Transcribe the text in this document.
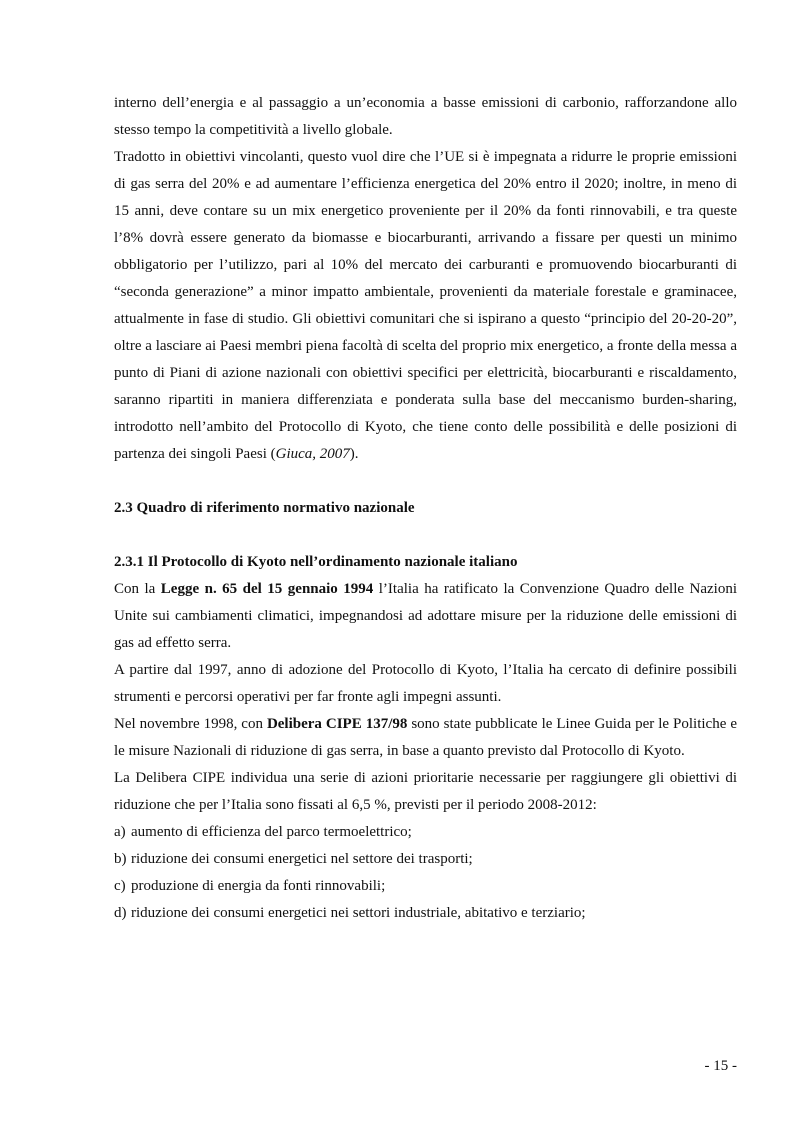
interno dell’energia e al passaggio a un’economia a basse emissioni di carbonio, rafforzandone allo stesso tempo la competitività a livello globale.

Tradotto in obiettivi vincolanti, questo vuol dire che l’UE si è impegnata a ridurre le proprie emissioni di gas serra del 20% e ad aumentare l’efficienza energetica del 20% entro il 2020; inoltre, in meno di 15 anni, deve contare su un mix energetico proveniente per il 20% da fonti rinnovabili, e tra queste l’8% dovrà essere generato da biomasse e biocarburanti, arrivando a fissare per questi un minimo obbligatorio per l’utilizzo, pari al 10% del mercato dei carburanti e promuovendo biocarburanti di “seconda generazione” a minor impatto ambientale, provenienti da materiale forestale e graminacee, attualmente in fase di studio. Gli obiettivi comunitari che si ispirano a questo “principio del 20-20-20”, oltre a lasciare ai Paesi membri piena facoltà di scelta del proprio mix energetico, a fronte della messa a punto di Piani di azione nazionali con obiettivi specifici per elettricità, biocarburanti e riscaldamento, saranno ripartiti in maniera differenziata e ponderata sulla base del meccanismo burden-sharing, introdotto nell’ambito del Protocollo di Kyoto, che tiene conto delle possibilità e delle posizioni di partenza dei singoli Paesi (Giuca, 2007).

2.3 Quadro di riferimento normativo nazionale

2.3.1 Il Protocollo di Kyoto nell’ordinamento nazionale italiano

Con la Legge n. 65 del 15 gennaio 1994 l’Italia ha ratificato la Convenzione Quadro delle Nazioni Unite sui cambiamenti climatici, impegnandosi ad adottare misure per la riduzione delle emissioni di gas ad effetto serra.

A partire dal 1997, anno di adozione del Protocollo di Kyoto, l’Italia ha cercato di definire possibili strumenti e percorsi operativi per far fronte agli impegni assunti.

Nel novembre 1998, con Delibera CIPE 137/98 sono state pubblicate le Linee Guida per le Politiche e le misure Nazionali di riduzione di gas serra, in base a quanto previsto dal Protocollo di Kyoto.

La Delibera CIPE individua una serie di azioni prioritarie necessarie per raggiungere gli obiettivi di riduzione che per l’Italia sono fissati al 6,5 %, previsti per il periodo 2008-2012:

a) aumento di efficienza del parco termoelettrico;
b) riduzione dei consumi energetici nel settore dei trasporti;
c) produzione di energia da fonti rinnovabili;
d) riduzione dei consumi energetici nei settori industriale, abitativo e terziario;
- 15 -
